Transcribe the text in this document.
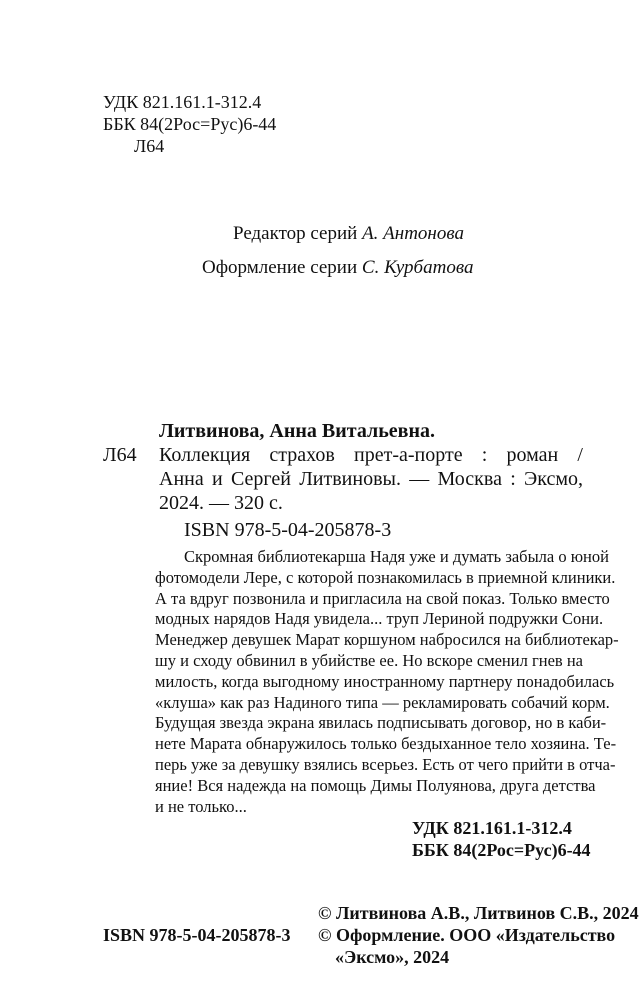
УДК 821.161.1-312.4
ББК 84(2Рос=Рус)6-44
Л64
Редактор серий А. Антонова
Оформление серии С. Курбатова
Литвинова, Анна Витальевна.
Л64 Коллекция страхов прет-а-порте : роман /
Анна и Сергей Литвиновы. — Москва : Эксмо,
2024. — 320 с.
ISBN 978-5-04-205878-3
Скромная библиотекарша Надя уже и думать забыла о юной
фотомодели Лере, с которой познакомилась в приемной клиники.
А та вдруг позвонила и пригласила на свой показ. Только вместо
модных нарядов Надя увидела... труп Лериной подружки Сони.
Менеджер девушек Марат коршуном набросился на библиотекар-
шу и сходу обвинил в убийстве ее. Но вскоре сменил гнев на
милость, когда выгодному иностранному партнеру понадобилась
«клуша» как раз Надиного типа — рекламировать собачий корм.
Будущая звезда экрана явилась подписывать договор, но в каби-
нете Марата обнаружилось только бездыханное тело хозяина. Те-
перь уже за девушку взялись всерьез. Есть от чего прийти в отча-
яние! Вся надежда на помощь Димы Полуянова, друга детства
и не только...
УДК 821.161.1-312.4
ББК 84(2Рос=Рус)6-44
© Литвинова А.В., Литвинов С.В., 2024
© Оформление. ООО «Издательство
«Эксмо», 2024
ISBN 978-5-04-205878-3
